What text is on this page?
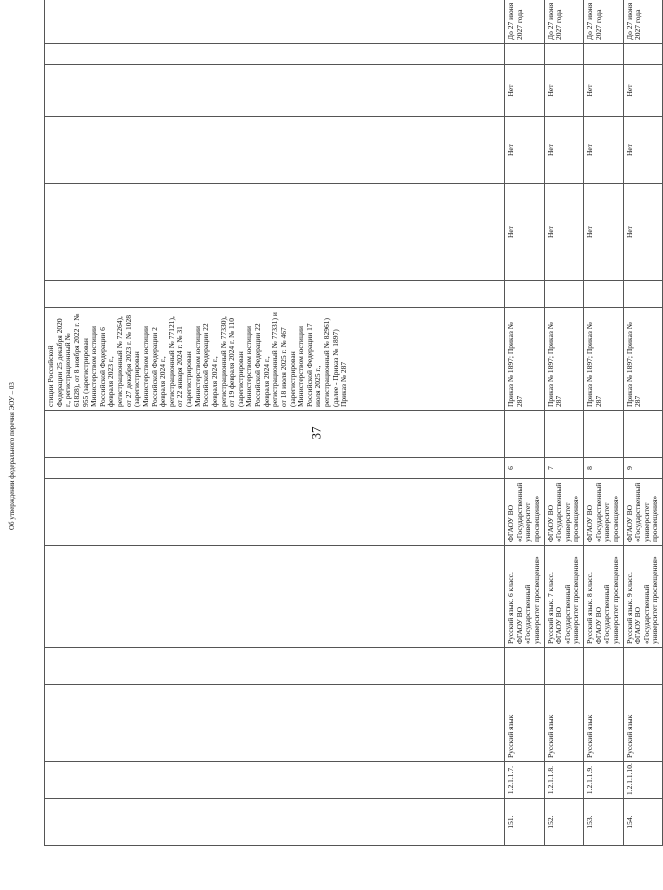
37
								стиции Российской Федерации 25 декабря 2020 г., регистрационный № 61828), от 8 ноября 2022 г. № 955 (зарегистрирован Министерством юстиции Российской Федерации 6 февраля 2023 г., регистрационный № 72264), от 27 декабря 2023 г. № 1028 (зарегистрирован Министерством юстиции Российской Федерации 2 февраля 2024 г., регистрационный № 77121), от 22 января 2024 г. № 31 (зарегистрирован Министерством юстиции Российской Федерации 22 февраля 2024 г., регистрационный № 77330), от 19 февраля 2024 г. № 110 (зарегистрирован Министерством юстиции Российской Федерации 22 февраля 2024 г., регистрационный № 77331) и от 18 июля 2025 г. № 467 (зарегистрирован Министерством юстиции Российской Федерации 17 июля 2025 г., регистрационный № 82961) (далее - Приказ № 1897) Приказ № 287						
151.	1.2.1.1.7.	Русский язык		Русский язык. 6 класс. ФГАОУ ВО «Государственный университет просвещения»	ФГАОУ ВО «Государственный университет просвещения»	6		Приказ № 1897; Приказ № 287		Нет	Нет	Нет		До 27 июня 2027 года
152.	1.2.1.1.8.	Русский язык		Русский язык. 7 класс. ФГАОУ ВО «Государственный университет просвещения»	ФГАОУ ВО «Государственный университет просвещения»	7		Приказ № 1897; Приказ № 287		Нет	Нет	Нет		До 27 июня 2027 года
153.	1.2.1.1.9.	Русский язык		Русский язык. 8 класс. ФГАОУ ВО «Государственный университет просвещения»	ФГАОУ ВО «Государственный университет просвещения»	8		Приказ № 1897; Приказ № 287		Нет	Нет	Нет		До 27 июня 2027 года
154.	1.2.1.1.10.	Русский язык		Русский язык. 9 класс. ФГАОУ ВО «Государственный университет просвещения»	ФГАОУ ВО «Государственный университет просвещения»	9		Приказ № 1897; Приказ № 287		Нет	Нет	Нет		До 27 июня 2027 года
Об утверждении федерального перечня ЭОУ – 03
